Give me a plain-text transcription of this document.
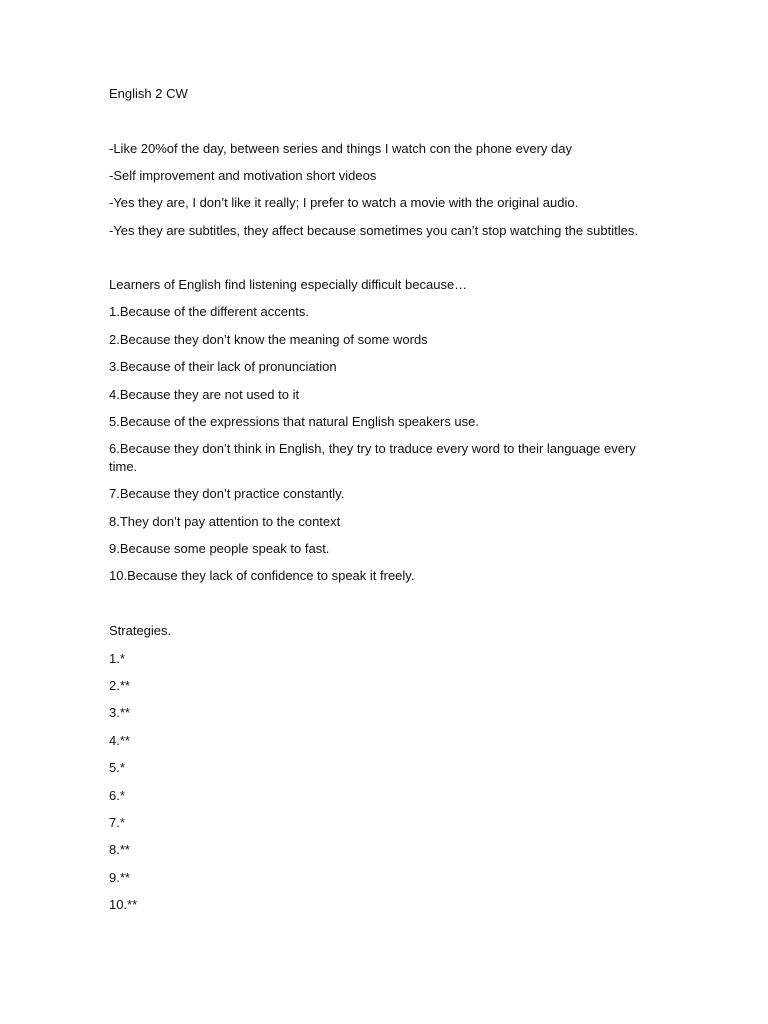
English 2 CW

-Like 20%of the day, between series and things I watch con the phone every day

-Self improvement and motivation short videos

-Yes they are, I don’t like it really; I prefer to watch a movie with the original audio.

-Yes they are subtitles, they affect because sometimes you can’t stop watching the subtitles.

Learners of English find listening especially difficult because…

1.Because of the different accents.

2.Because they don’t know the meaning of some words

3.Because of their lack of pronunciation

4.Because they are not used to it

5.Because of the expressions that natural English speakers use.

6.Because they don’t think in English, they try to traduce every word to their language every time.

7.Because they don’t practice constantly.

8.They don’t pay attention to the context

9.Because some people speak to fast.

10.Because they lack of confidence to speak it freely.

Strategies.

1.*

2.**

3.**

4.**

5.*

6.*

7.*

8.**

9.**

10.**
